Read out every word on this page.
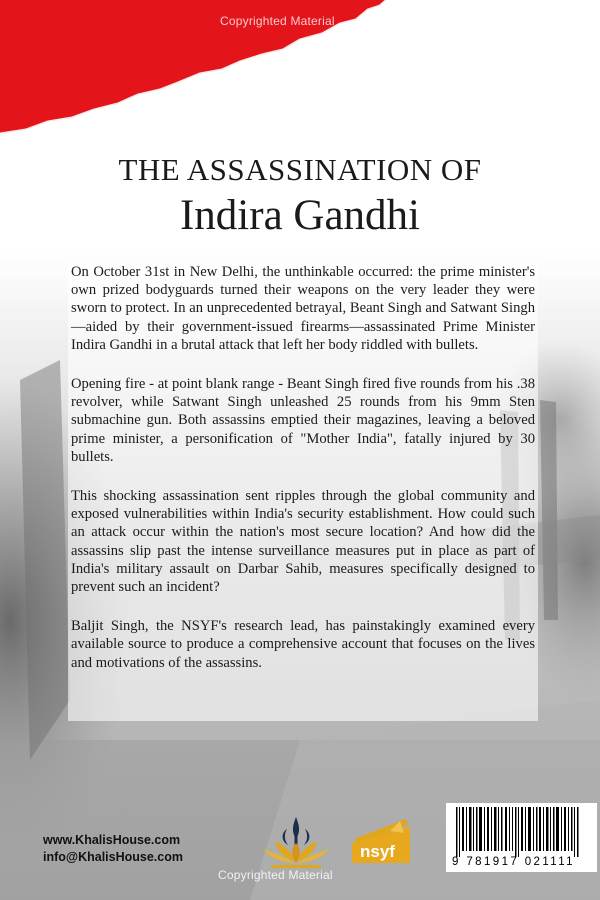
Copyrighted Material
THE ASSASSINATION OF
Indira Gandhi

On October 31st in New Delhi, the unthinkable occurred: the prime minister's own prized bodyguards turned their weapons on the very leader they were sworn to protect. In an unprecedented betrayal, Beant Singh and Satwant Singh—aided by their government-issued firearms—assassinated Prime Minister Indira Gandhi in a brutal attack that left her body riddled with bullets.

Opening fire - at point blank range - Beant Singh fired five rounds from his .38 revolver, while Satwant Singh unleashed 25 rounds from his 9mm Sten submachine gun. Both assassins emptied their magazines, leaving a beloved prime minister, a personification of "Mother India", fatally injured by 30 bullets.

This shocking assassination sent ripples through the global community and exposed vulnerabilities within India's security establishment. How could such an attack occur within the nation's most secure location? And how did the assassins slip past the intense surveillance measures put in place as part of India's military assault on Darbar Sahib, measures specifically designed to prevent such an incident?

Baljit Singh, the NSYF's research lead, has painstakingly examined every available source to produce a comprehensive account that focuses on the lives and motivations of the assassins.

www.KhalisHouse.com
info@KhalisHouse.com	nsyf
9 781917 021111
Copyrighted Material
